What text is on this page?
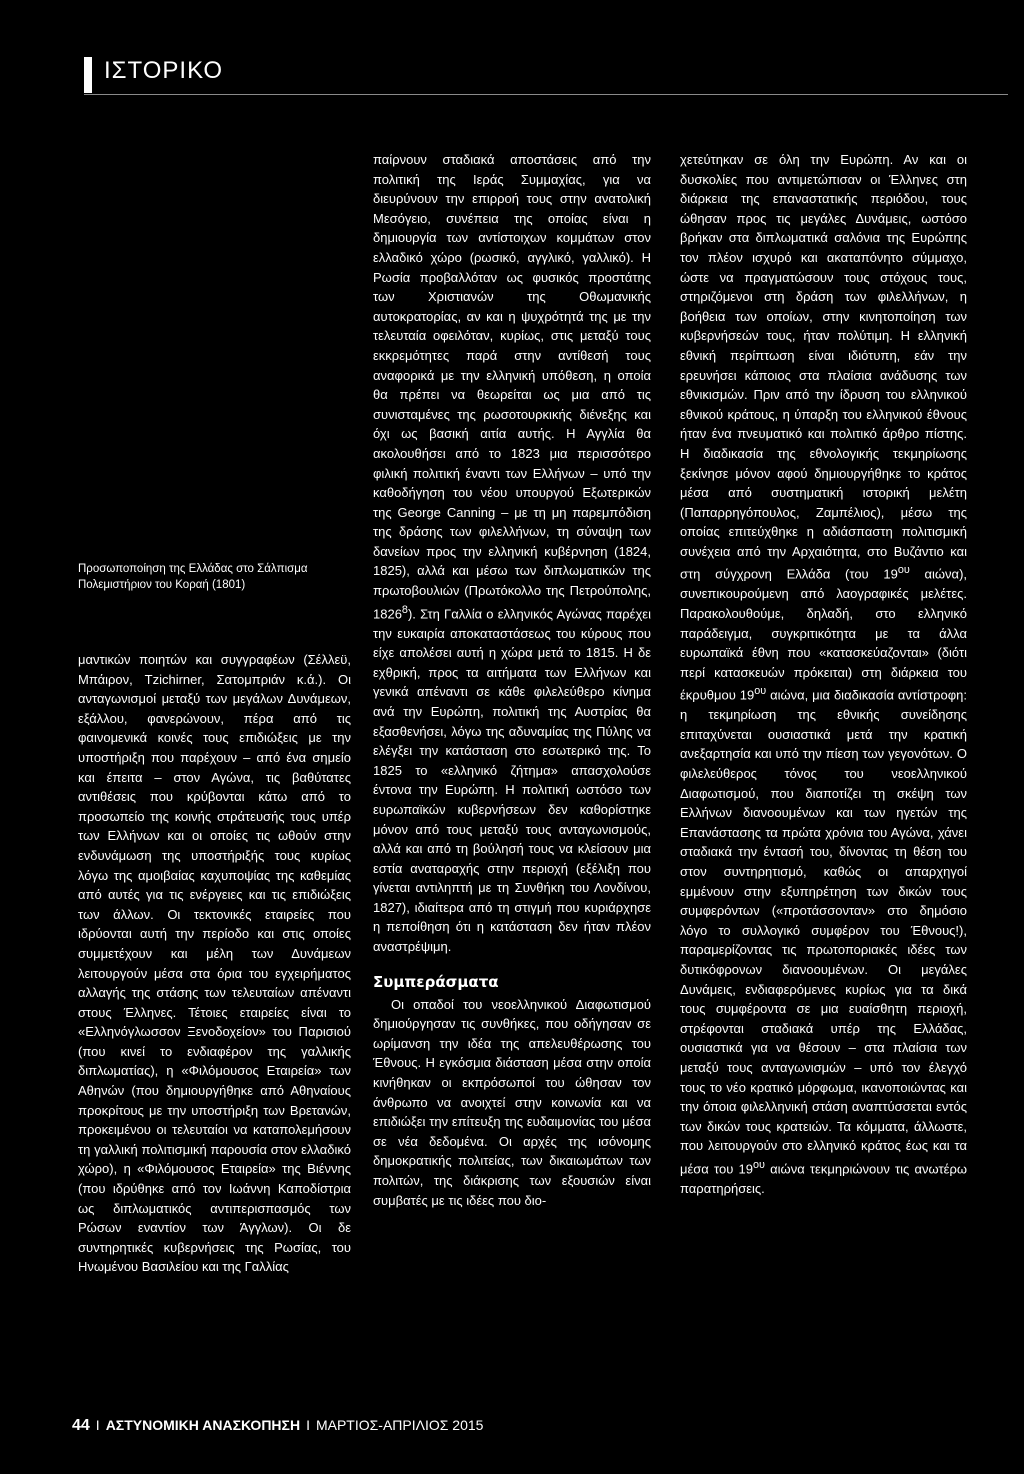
ΙΣΤΟΡΙΚΟ
Προσωποποίηση της Ελλάδας στο Σάλπισμα
Πολεμιστήριον του Κοραή (1801)

μαντικών ποιητών και συγγραφέων (Σέλλεϋ, Μπάιρον, Tzichirner, Σατομπριάν κ.ά.). Οι ανταγωνισμοί μεταξύ των μεγάλων Δυνάμεων, εξάλλου, φανερώνουν, πέρα από τις φαινομενικά κοινές τους επιδιώξεις με την υποστήριξη που παρέχουν – από ένα σημείο και έπειτα – στον Αγώνα, τις βαθύτατες αντιθέσεις που κρύβονται κάτω από το προσωπείο της κοινής στράτευσής τους υπέρ των Ελλήνων και οι οποίες τις ωθούν στην ενδυνάμωση της υποστήριξής τους κυρίως λόγω της αμοιβαίας καχυποψίας της καθεμίας από αυτές για τις ενέργειες και τις επιδιώξεις των άλλων. Οι τεκτονικές εταιρείες που ιδρύονται αυτή την περίοδο και στις οποίες συμμετέχουν και μέλη των Δυνάμεων λειτουργούν μέσα στα όρια του εγχειρήματος αλλαγής της στάσης των τελευταίων απέναντι στους Έλληνες. Τέτοιες εταιρείες είναι το «Ελληνόγλωσσον Ξενοδοχείον» του Παρισιού (που κινεί το ενδιαφέρον της γαλλικής διπλωματίας), η «Φιλόμουσος Εταιρεία» των Αθηνών (που δημιουργήθηκε από Αθηναίους προκρίτους με την υποστήριξη των Βρετανών, προκειμένου οι τελευταίοι να καταπολεμήσουν τη γαλλική πολιτισμική παρουσία στον ελλαδικό χώρο), η «Φιλόμουσος Εταιρεία» της Βιέννης (που ιδρύθηκε από τον Ιωάννη Καποδίστρια ως διπλωματικός αντιπερισπασμός των Ρώσων εναντίον των Άγγλων). Οι δε συντηρητικές κυβερνήσεις της Ρωσίας, του Ηνωμένου Βασιλείου και της Γαλλίας

παίρνουν σταδιακά αποστάσεις από την πολιτική της Ιεράς Συμμαχίας, για να διευρύνουν την επιρροή τους στην ανατολική Μεσόγειο, συνέπεια της οποίας είναι η δημιουργία των αντίστοιχων κομμάτων στον ελλαδικό χώρο (ρωσικό, αγγλικό, γαλλικό). Η Ρωσία προβαλλόταν ως φυσικός προστάτης των Χριστιανών της Οθωμανικής αυτοκρατορίας, αν και η ψυχρότητά της με την τελευταία οφειλόταν, κυρίως, στις μεταξύ τους εκκρεμότητες παρά στην αντίθεσή τους αναφορικά με την ελληνική υπόθεση, η οποία θα πρέπει να θεωρείται ως μια από τις συνισταμένες της ρωσοτουρκικής διένεξης και όχι ως βασική αιτία αυτής. Η Αγγλία θα ακολουθήσει από το 1823 μια περισσότερο φιλική πολιτική έναντι των Ελλήνων – υπό την καθοδήγηση του νέου υπουργού Εξωτερικών της George Canning – με τη μη παρεμπόδιση της δράσης των φιλελλήνων, τη σύναψη των δανείων προς την ελληνική κυβέρνηση (1824, 1825), αλλά και μέσω των διπλωματικών της πρωτοβουλιών (Πρωτόκολλο της Πετρούπολης, 1826$^8$). Στη Γαλλία ο ελληνικός Αγώνας παρέχει την ευκαιρία αποκαταστάσεως του κύρους που είχε απολέσει αυτή η χώρα μετά το 1815. Η δε εχθρική, προς τα αιτήματα των Ελλήνων και γενικά απέναντι σε κάθε φιλελεύθερο κίνημα ανά την Ευρώπη, πολιτική της Αυστρίας θα εξασθενήσει, λόγω της αδυναμίας της Πύλης να ελέγξει την κατάσταση στο εσωτερικό της. Το 1825 το «ελληνικό ζήτημα» απασχολούσε έντονα την Ευρώπη. Η πολιτική ωστόσο των ευρωπαϊκών κυβερνήσεων δεν καθορίστηκε μόνον από τους μεταξύ τους ανταγωνισμούς, αλλά και από τη βούλησή τους να κλείσουν μια εστία αναταραχής στην περιοχή (εξέλιξη που γίνεται αντιληπτή με τη Συνθήκη του Λονδίνου, 1827), ιδιαίτερα από τη στιγμή που κυριάρχησε η πεποίθηση ότι η κατάσταση δεν ήταν πλέον αναστρέψιμη.

Συμπεράσματα

Οι οπαδοί του νεοελληνικού Διαφωτισμού δημιούργησαν τις συνθήκες, που οδήγησαν σε ωρίμανση την ιδέα της απελευθέρωσης του Έθνους. Η εγκόσμια διάσταση μέσα στην οποία κινήθηκαν οι εκπρόσωποί του ώθησαν τον άνθρωπο να ανοιχτεί στην κοινωνία και να επιδιώξει την επίτευξη της ευδαιμονίας του μέσα σε νέα δεδομένα. Οι αρχές της ισόνομης δημοκρατικής πολιτείας, των δικαιωμάτων των πολιτών, της διάκρισης των εξουσιών είναι συμβατές με τις ιδέες που διο-

χετεύτηκαν σε όλη την Ευρώπη. Αν και οι δυσκολίες που αντιμετώπισαν οι Έλληνες στη διάρκεια της επαναστατικής περιόδου, τους ώθησαν προς τις μεγάλες Δυνάμεις, ωστόσο βρήκαν στα διπλωματικά σαλόνια της Ευρώπης τον πλέον ισχυρό και ακαταπόνητο σύμμαχο, ώστε να πραγματώσουν τους στόχους τους, στηριζόμενοι στη δράση των φιλελλήνων, η βοήθεια των οποίων, στην κινητοποίηση των κυβερνήσεών τους, ήταν πολύτιμη. Η ελληνική εθνική περίπτωση είναι ιδιότυπη, εάν την ερευνήσει κάποιος στα πλαίσια ανάδυσης των εθνικισμών. Πριν από την ίδρυση του ελληνικού εθνικού κράτους, η ύπαρξη του ελληνικού έθνους ήταν ένα πνευματικό και πολιτικό άρθρο πίστης. Η διαδικασία της εθνολογικής τεκμηρίωσης ξεκίνησε μόνον αφού δημιουργήθηκε το κράτος μέσα από συστηματική ιστορική μελέτη (Παπαρρηγόπουλος, Ζαμπέλιος), μέσω της οποίας επιτεύχθηκε η αδιάσπαστη πολιτισμική συνέχεια από την Αρχαιότητα, στο Βυζάντιο και στη σύγχρονη Ελλάδα (του $19^{o\upsilon}$ αιώνα), συνεπικουρούμενη από λαογραφικές μελέτες. Παρακολουθούμε, δηλαδή, στο ελληνικό παράδειγμα, συγκριτικότητα με τα άλλα ευρωπαϊκά έθνη που «κατασκεύαζονται» (διότι περί κατασκευών πρόκειται) στη διάρκεια του έκρυθμου $19^{o\upsilon}$ αιώνα, μια διαδικασία αντίστροφη: η τεκμηρίωση της εθνικής συνείδησης επιταχύνεται ουσιαστικά μετά την κρατική ανεξαρτησία και υπό την πίεση των γεγονότων. Ο φιλελεύθερος τόνος του νεοελληνικού Διαφωτισμού, που διαποτίζει τη σκέψη των Ελλήνων διανοουμένων και των ηγετών της Επανάστασης τα πρώτα χρόνια του Αγώνα, χάνει σταδιακά την έντασή του, δίνοντας τη θέση του στον συντηρητισμό, καθώς οι απαρχηγοί εμμένουν στην εξυπηρέτηση των δικών τους συμφερόντων («προτάσσονταν» στο δημόσιο λόγο το συλλογικό συμφέρον του Έθνους!), παραμερίζοντας τις πρωτοποριακές ιδέες των δυτικόφρονων διανοουμένων. Οι μεγάλες Δυνάμεις, ενδιαφερόμενες κυρίως για τα δικά τους συμφέροντα σε μια ευαίσθητη περιοχή, στρέφονται σταδιακά υπέρ της Ελλάδας, ουσιαστικά για να θέσουν – στα πλαίσια των μεταξύ τους ανταγωνισμών – υπό τον έλεγχό τους το νέο κρατικό μόρφωμα, ικανοποιώντας και την όποια φιλελληνική στάση αναπτύσσεται εντός των δικών τους κρατειών. Τα κόμματα, άλλωστε, που λειτουργούν στο ελληνικό κράτος έως και τα μέσα του $19^{o\upsilon}$ αιώνα τεκμηριώνουν τις ανωτέρω παρατηρήσεις.

44 I ΑΣΤΥΝΟΜΙΚΗ ΑΝΑΣΚΟΠΗΣΗ I ΜΑΡΤΙΟΣ-ΑΠΡΙΛΙΟΣ 2015
